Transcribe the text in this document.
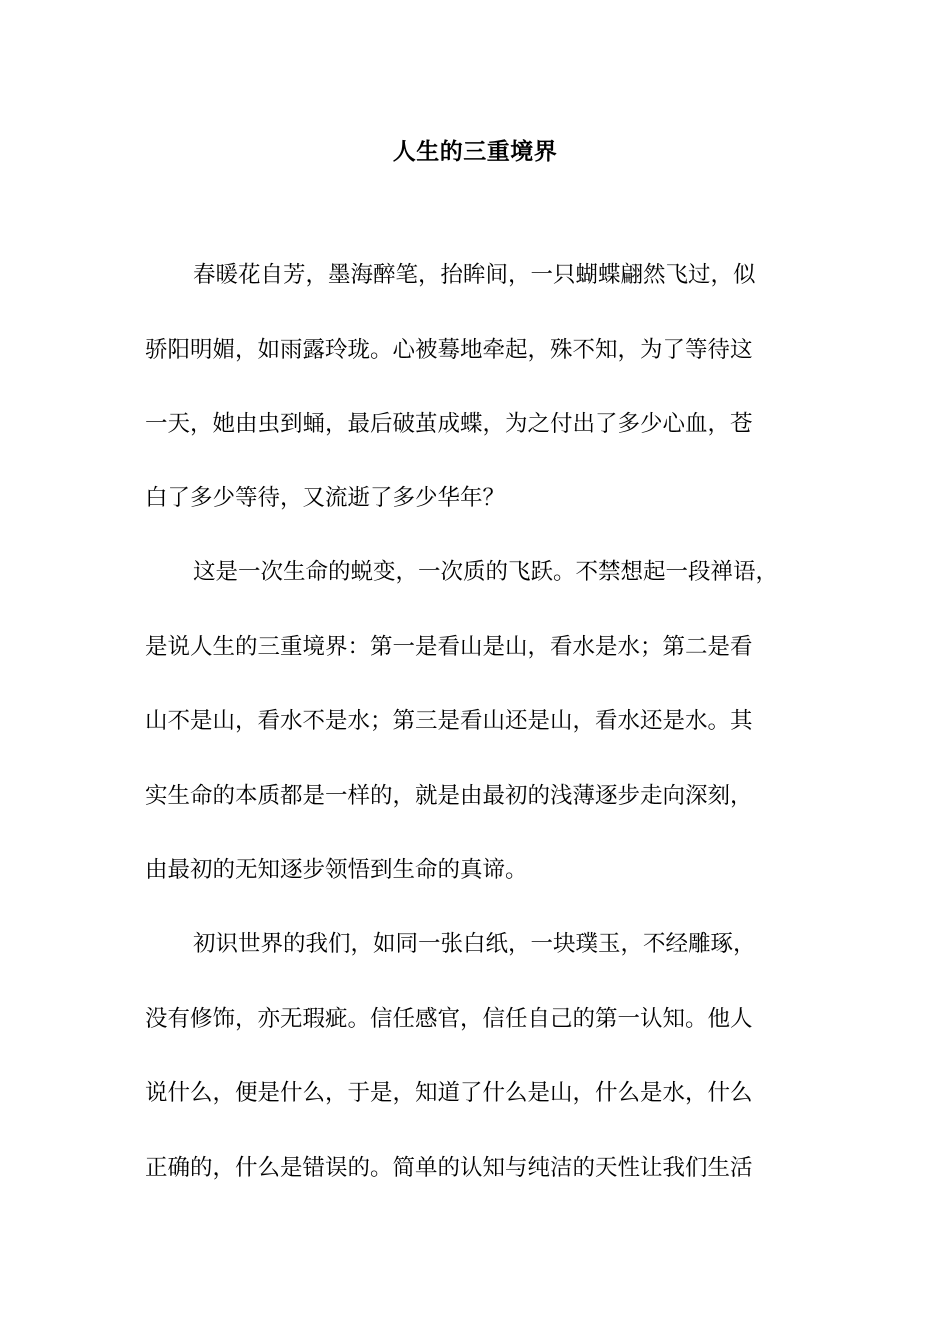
人生的三重境界

春暖花自芳，墨海醉笔，抬眸间，一只蝴蝶翩然飞过，似

骄阳明媚，如雨露玲珑。心被蓦地牵起，殊不知，为了等待这

一天，她由虫到蛹，最后破茧成蝶，为之付出了多少心血，苍

白了多少等待，又流逝了多少华年？

这是一次生命的蜕变，一次质的飞跃。不禁想起一段禅语，

是说人生的三重境界：第一是看山是山，看水是水；第二是看

山不是山，看水不是水；第三是看山还是山，看水还是水。其

实生命的本质都是一样的，就是由最初的浅薄逐步走向深刻，

由最初的无知逐步领悟到生命的真谛。

初识世界的我们，如同一张白纸，一块璞玉，不经雕琢，

没有修饰，亦无瑕疵。信任感官，信任自己的第一认知。他人

说什么，便是什么，于是，知道了什么是山，什么是水，什么

正确的，什么是错误的。简单的认知与纯洁的天性让我们生活
